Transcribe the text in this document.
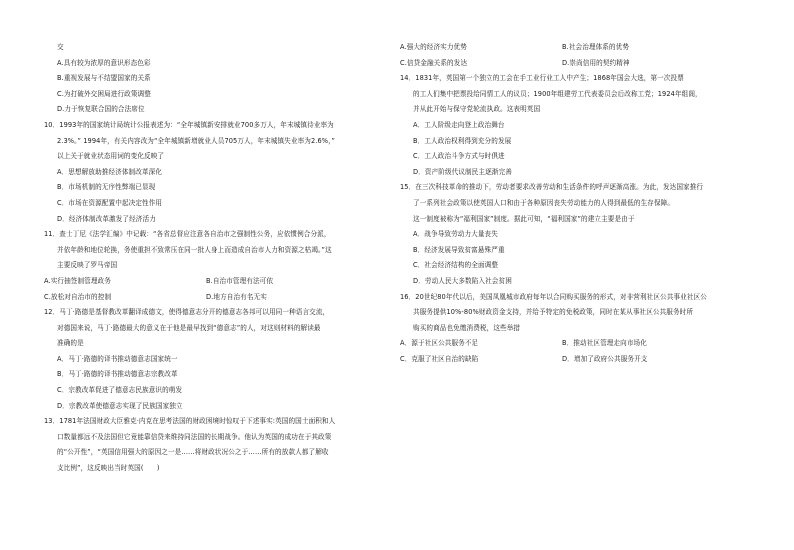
交
A.具有较为浓厚的意识形态色彩
B.重视发展与不结盟国家的关系
C.为打破外交困局进行政策调整
D.力于恢复联合国的合法席位
10．1993年的国家统计局统计公报表述为：“全年城镇新安排就业700多万人，年末城镇待业率为
2.3%。” 1994年，有关内容改为“全年城镇新增就业人员705万人，年末城镇失业率为2.6%，”
以上关于就业状态用词的变化反映了
A．思想解放助推经济体制改革深化
B．市场机制的无序性弊端已显现
C．市场在资源配置中起决定性作用
D．经济体制改革激发了经济活力
11．查士丁尼《法学汇编》中记载：“各省总督应注意各自治市之强制性公务，应依惯例合分派，
并依年龄和地位轮换，务使重担不致常压在同一批人身上而造成自治市人力和资源之枯竭。”这
主要反映了罗马帝国
A.实行抽签制管理政务	B.自治市管理有法可依
C.放松对自治市的控制	D.地方自治有名无实
12．马丁·路德是基督教改革翻译成德文，使得德意志分开的德意志各邦可以用同一种语言交流，
对德国来说，马丁·路德最大的意义在于他是最早找到“德意志”的人，对这则材料的解读最
准确的是
A．马丁·路德的译书推动德意志国家统一
B．马丁·路德的译书推动德意志宗教改革
C．宗教改革促进了德意志民族意识的萌发
D．宗教改革使德意志实现了民族国家独立
13．1781年法国财政大臣雅克·内克在思考法国的财政困境时惊叹于下述事实:英国的国土面积和人
口数量都远不及法国但它竟能靠信贷来维持同法国的长期战争。他认为英国的成功在于其政策
的“公开性”，“英国信用强大的原因之一是……将财政状况公之于……所有的放款人都了解收
支比例”，这反映出当时英国(　　)
A.强大的经济实力优势	B.社会治理体系的优势
C.信贷金融关系的发达	D.崇尚信用的契约精神
14．1831年，英国第一个独立的工会在手工业行业工人中产生；1868年国会大选，第一次投票
的工人们集中把票投给同情工人的议员；1900年组建劳工代表委员会后改称工党；1924年组阁，
并从此开始与保守党轮流执政。这表明英国
A．工人阶级走向登上政治舞台
B．工人政治权利得到充分的发展
C．工人政治斗争方式与时俱进
D．资产阶级代议制民主逐渐完善
15．在三次科技革命的推动下，劳动者要求改善劳动和生活条件的呼声逐渐高涨。为此，发达国家推行
了一系列社会政策以使英国人口和由于各种原因丧失劳动能力的人得到最低的生存保障。
这一制度被称为“福利国家”制度。据此可知，“福利国家”的建立主要是由于
A．战争导致劳动力大量丧失
B．经济发展导致贫富悬殊严重
C．社会经济结构的全面调整
D．劳动人民大多数陷入社会贫困
16．20世纪80年代以后，美国凤凰城市政府每年以合同购买服务的形式，对非营利社区公共事业社区公
共服务提供10%-80%财政资金支持，并给予特定的免税政策，同时在某从事社区公共服务时所
购买的商品也免缴消费税，这些举措
A．源于社区公共服务不足	B．推动社区管理走向市场化
C．克服了社区自治的缺陷	D．增加了政府公共服务开支
